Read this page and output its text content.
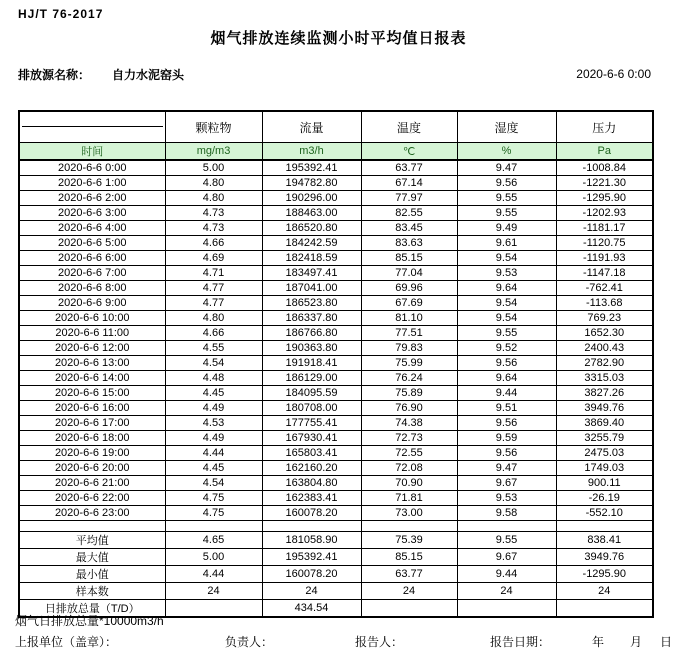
HJ/T 76-2017
烟气排放连续监测小时平均值日报表
排放源名称： 自力水泥窑头	2020-6-6 0:00
	颗粒物	流量	温度	湿度	压力
时间	mg/m3	m3/h	℃	%	Pa
2020-6-6 0:00	5.00	195392.41	63.77	9.47	-1008.84
2020-6-6 1:00	4.80	194782.80	67.14	9.56	-1221.30
2020-6-6 2:00	4.80	190296.00	77.97	9.55	-1295.90
2020-6-6 3:00	4.73	188463.00	82.55	9.55	-1202.93
2020-6-6 4:00	4.73	186520.80	83.45	9.49	-1181.17
2020-6-6 5:00	4.66	184242.59	83.63	9.61	-1120.75
2020-6-6 6:00	4.69	182418.59	85.15	9.54	-1191.93
2020-6-6 7:00	4.71	183497.41	77.04	9.53	-1147.18
2020-6-6 8:00	4.77	187041.00	69.96	9.64	-762.41
2020-6-6 9:00	4.77	186523.80	67.69	9.54	-113.68
2020-6-6 10:00	4.80	186337.80	81.10	9.54	769.23
2020-6-6 11:00	4.66	186766.80	77.51	9.55	1652.30
2020-6-6 12:00	4.55	190363.80	79.83	9.52	2400.43
2020-6-6 13:00	4.54	191918.41	75.99	9.56	2782.90
2020-6-6 14:00	4.48	186129.00	76.24	9.64	3315.03
2020-6-6 15:00	4.45	184095.59	75.89	9.44	3827.26
2020-6-6 16:00	4.49	180708.00	76.90	9.51	3949.76
2020-6-6 17:00	4.53	177755.41	74.38	9.56	3869.40
2020-6-6 18:00	4.49	167930.41	72.73	9.59	3255.79
2020-6-6 19:00	4.44	165803.41	72.55	9.56	2475.03
2020-6-6 20:00	4.45	162160.20	72.08	9.47	1749.03
2020-6-6 21:00	4.54	163804.80	70.90	9.67	900.11
2020-6-6 22:00	4.75	162383.41	71.81	9.53	-26.19
2020-6-6 23:00	4.75	160078.20	73.00	9.58	-552.10

平均值	4.65	181058.90	75.39	9.55	838.41
最大值	5.00	195392.41	85.15	9.67	3949.76
最小值	4.44	160078.20	63.77	9.44	-1295.90
样本数	24	24	24	24	24
日排放总量（T/D）		434.54			
烟气日排放总量*10000m3/h
上报单位（盖章）：	负责人：	报告人：	报告日期：	年 月 日
